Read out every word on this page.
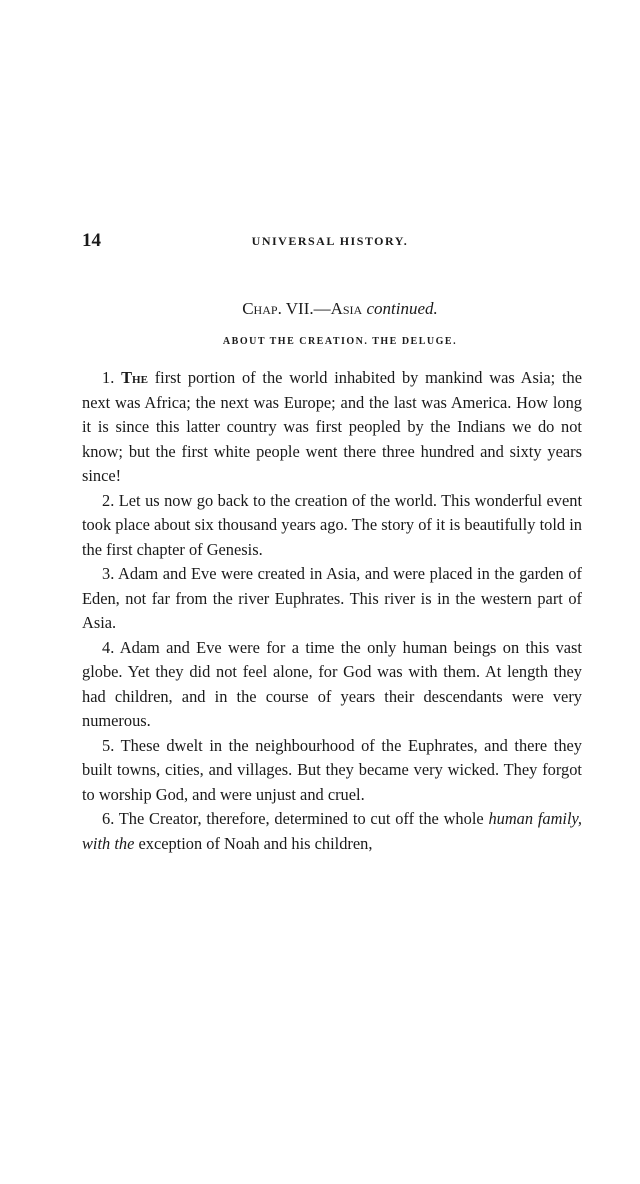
14	UNIVERSAL HISTORY.
Chap. VII.—Asia continued.
ABOUT THE CREATION. THE DELUGE.

1. The first portion of the world inhabited by mankind was Asia; the next was Africa; the next was Europe; and the last was America. How long it is since this latter country was first peopled by the Indians we do not know; but the first white people went there three hundred and sixty years since!

2. Let us now go back to the creation of the world. This wonderful event took place about six thousand years ago. The story of it is beautifully told in the first chapter of Genesis.

3. Adam and Eve were created in Asia, and were placed in the garden of Eden, not far from the river Euphrates. This river is in the western part of Asia.

4. Adam and Eve were for a time the only human beings on this vast globe. Yet they did not feel alone, for God was with them. At length they had children, and in the course of years their descendants were very numerous.

5. These dwelt in the neighbourhood of the Euphrates, and there they built towns, cities, and villages. But they became very wicked. They forgot to worship God, and were unjust and cruel.

6. The Creator, therefore, determined to cut off the whole human family, with the exception of Noah and his children,
